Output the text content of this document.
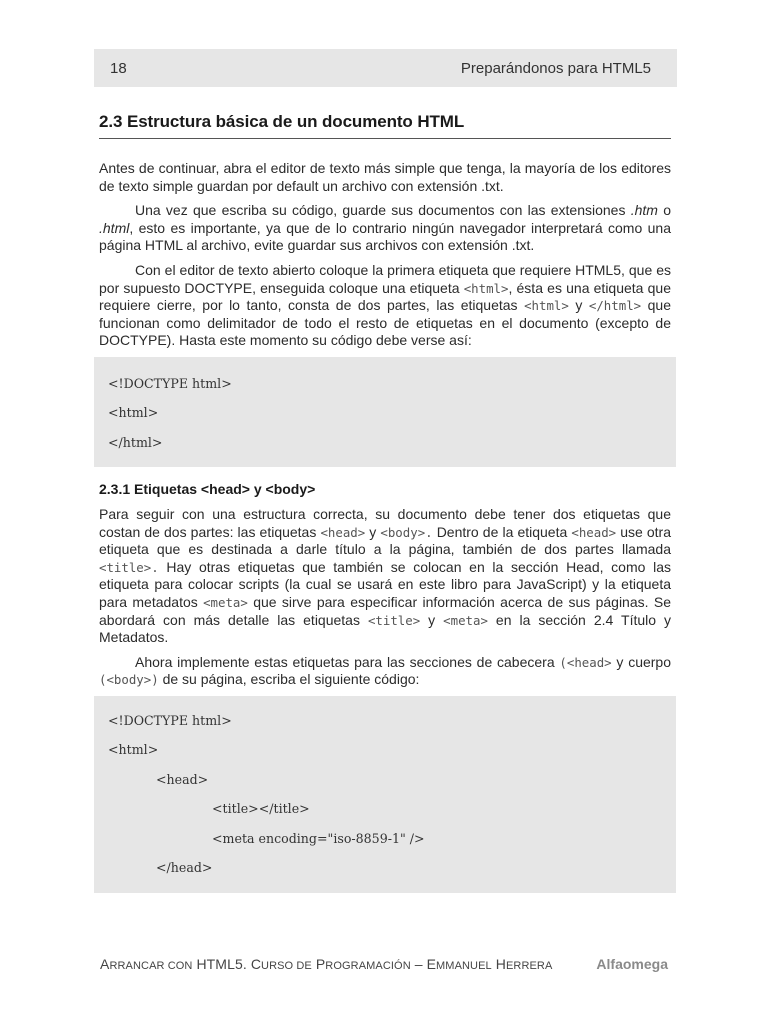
18	Preparándonos para HTML5
2.3 Estructura básica de un documento HTML

Antes de continuar, abra el editor de texto más simple que tenga, la mayoría de los editores de texto simple guardan por default un archivo con extensión .txt.

Una vez que escriba su código, guarde sus documentos con las extensiones .htm o .html, esto es importante, ya que de lo contrario ningún navegador interpretará como una página HTML al archivo, evite guardar sus archivos con extensión .txt.

Con el editor de texto abierto coloque la primera etiqueta que requiere HTML5, que es por supuesto DOCTYPE, enseguida coloque una etiqueta <html>, ésta es una etiqueta que requiere cierre, por lo tanto, consta de dos partes, las etiquetas <html> y </html> que funcionan como delimitador de todo el resto de etiquetas en el documento (excepto de DOCTYPE). Hasta este momento su código debe verse así:

<!DOCTYPE html>
<html>
</html>
2.3.1 Etiquetas <head> y <body>

Para seguir con una estructura correcta, su documento debe tener dos etiquetas que costan de dos partes: las etiquetas <head> y <body>. Dentro de la etiqueta <head> use otra etiqueta que es destinada a darle título a la página, también de dos partes llamada <title>. Hay otras etiquetas que también se colocan en la sección Head, como las etiqueta para colocar scripts (la cual se usará en este libro para JavaScript) y la etiqueta para metadatos <meta> que sirve para especificar información acerca de sus páginas. Se abordará con más detalle las etiquetas <title> y <meta> en la sección 2.4 Título y Metadatos.

Ahora implemente estas etiquetas para las secciones de cabecera (<head> y cuerpo (<body>) de su página, escriba el siguiente código:

<!DOCTYPE html>
<html>
<head>
<title></title>
<meta encoding="iso-8859-1" />
</head>
ARRANCAR CON HTML5. CURSO DE PROGRAMACIÓN – EMMANUEL HERRERA	Alfaomega
